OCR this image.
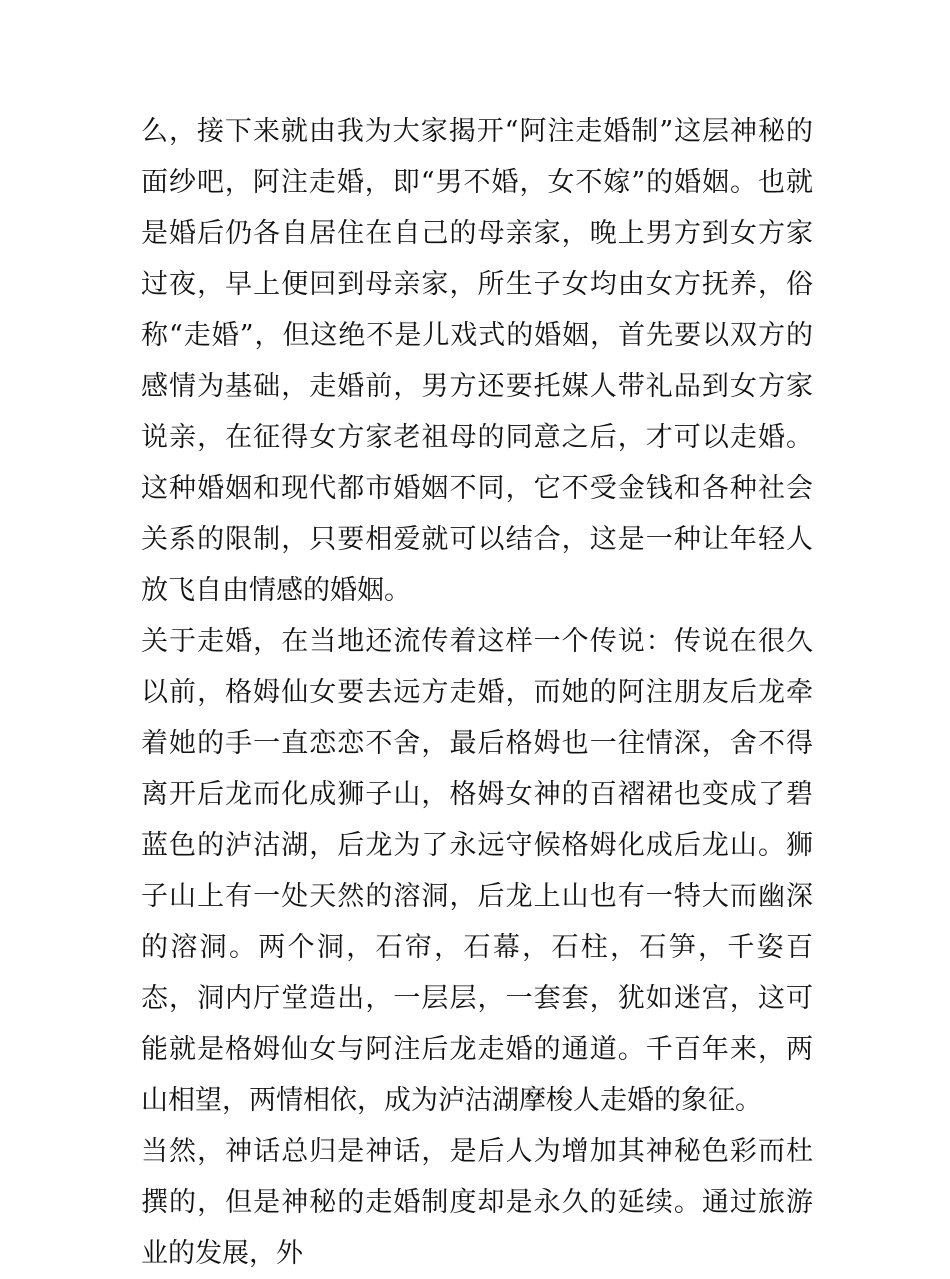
么，接下来就由我为大家揭开“阿注走婚制”这层神秘的面纱吧，阿注走婚，即“男不婚，女不嫁”的婚姻。也就是婚后仍各自居住在自己的母亲家，晚上男方到女方家过夜，早上便回到母亲家，所生子女均由女方抚养，俗称“走婚”，但这绝不是儿戏式的婚姻，首先要以双方的感情为基础，走婚前，男方还要托媒人带礼品到女方家说亲，在征得女方家老祖母的同意之后，才可以走婚。这种婚姻和现代都市婚姻不同，它不受金钱和各种社会关系的限制，只要相爱就可以结合，这是一种让年轻人放飞自由情感的婚姻。

关于走婚，在当地还流传着这样一个传说：传说在很久以前，格姆仙女要去远方走婚，而她的阿注朋友后龙牵着她的手一直恋恋不舍，最后格姆也一往情深，舍不得离开后龙而化成狮子山，格姆女神的百褶裙也变成了碧蓝色的泸沽湖，后龙为了永远守候格姆化成后龙山。狮子山上有一处天然的溶洞，后龙上山也有一特大而幽深的溶洞。两个洞，石帘，石幕，石柱，石笋，千姿百态，洞内厅堂造出，一层层，一套套，犹如迷宫，这可能就是格姆仙女与阿注后龙走婚的通道。千百年来，两山相望，两情相依，成为泸沽湖摩梭人走婚的象征。

当然，神话总归是神话，是后人为增加其神秘色彩而杜撰的，但是神秘的走婚制度却是永久的延续。通过旅游业的发展，外
